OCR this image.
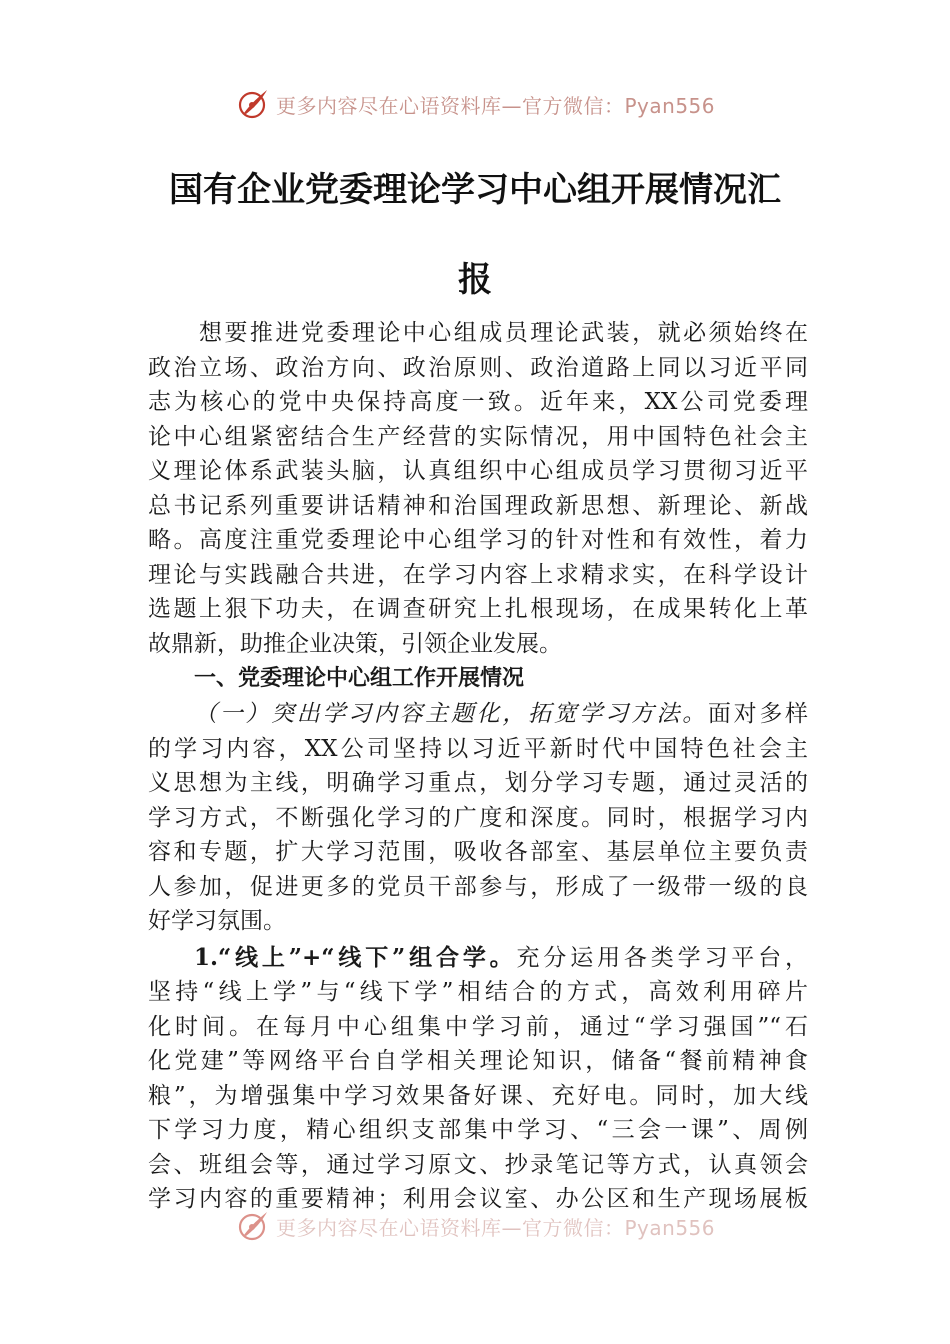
更多内容尽在心语资料库—官方微信：Pyan556
国有企业党委理论学习中心组开展情况汇
报
　　想要推进党委理论中心组成员理论武装，就必须始终在
政治立场、政治方向、政治原则、政治道路上同以习近平同
志为核心的党中央保持高度一致。近年来，XX公司党委理
论中心组紧密结合生产经营的实际情况，用中国特色社会主
义理论体系武装头脑，认真组织中心组成员学习贯彻习近平
总书记系列重要讲话精神和治国理政新思想、新理论、新战
略。高度注重党委理论中心组学习的针对性和有效性，着力
理论与实践融合共进，在学习内容上求精求实，在科学设计
选题上狠下功夫，在调查研究上扎根现场，在成果转化上革
故鼎新，助推企业决策，引领企业发展。
一、党委理论中心组工作开展情况
（一）突出学习内容主题化，拓宽学习方法。面对多样
的学习内容，XX公司坚持以习近平新时代中国特色社会主
义思想为主线，明确学习重点，划分学习专题，通过灵活的
学习方式，不断强化学习的广度和深度。同时，根据学习内
容和专题，扩大学习范围，吸收各部室、基层单位主要负责
人参加，促进更多的党员干部参与，形成了一级带一级的良
好学习氛围。
1.“线上”+“线下”组合学。充分运用各类学习平台，
坚持“线上学”与“线下学”相结合的方式，高效利用碎片
化时间。在每月中心组集中学习前，通过“学习强国”“石
化党建”等网络平台自学相关理论知识，储备“餐前精神食
粮”，为增强集中学习效果备好课、充好电。同时，加大线
下学习力度，精心组织支部集中学习、“三会一课”、周例
会、班组会等，通过学习原文、抄录笔记等方式，认真领会
学习内容的重要精神；利用会议室、办公区和生产现场展板
更多内容尽在心语资料库—官方微信：Pyan556
